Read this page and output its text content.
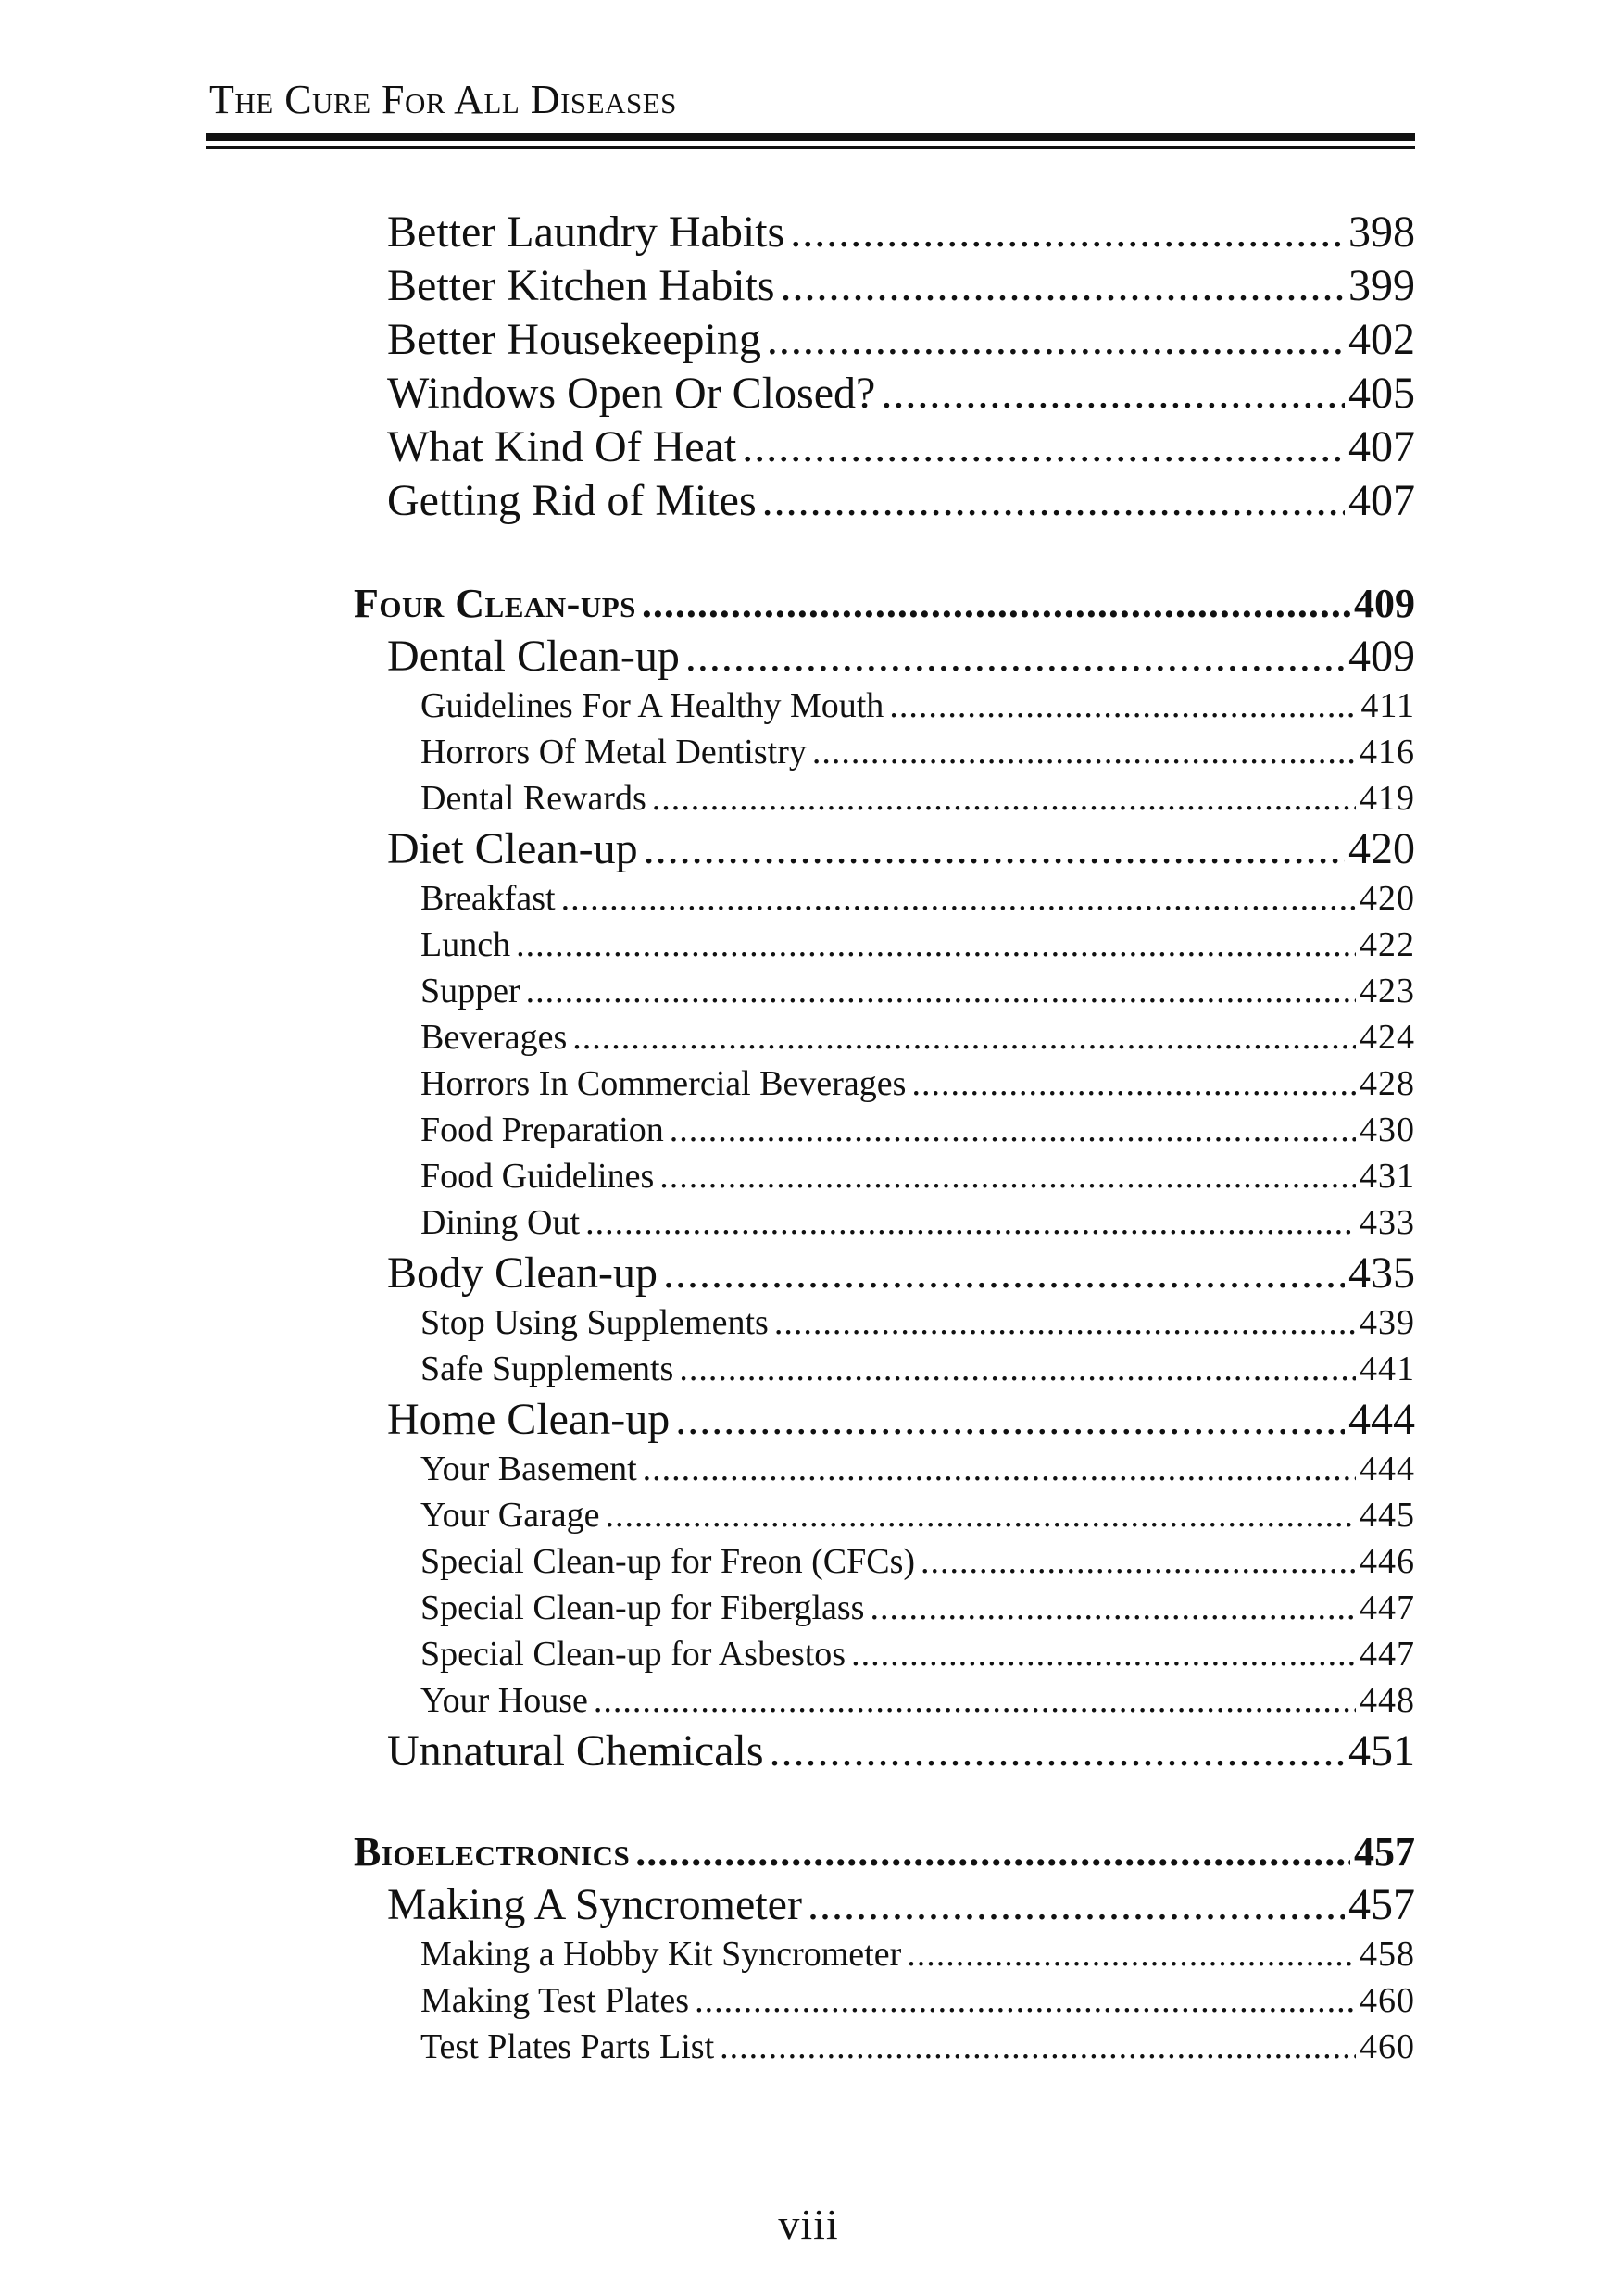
The Cure For All Diseases
Better Laundry Habits .....	398
Better Kitchen Habits .....	399
Better Housekeeping .....	402
Windows Open Or Closed? .....	405
What Kind Of Heat .....	407
Getting Rid of Mites .....	407
Four Clean-ups .....	409
Dental Clean-up .....	409
Guidelines For A Healthy Mouth .....	411
Horrors Of Metal Dentistry .....	416
Dental Rewards .....	419
Diet Clean-up .....	420
Breakfast .....	420
Lunch .....	422
Supper .....	423
Beverages .....	424
Horrors In Commercial Beverages .....	428
Food Preparation .....	430
Food Guidelines .....	431
Dining Out .....	433
Body Clean-up .....	435
Stop Using Supplements .....	439
Safe Supplements .....	441
Home Clean-up .....	444
Your Basement .....	444
Your Garage .....	445
Special Clean-up for Freon (CFCs) .....	446
Special Clean-up for Fiberglass .....	447
Special Clean-up for Asbestos .....	447
Your House .....	448
Unnatural Chemicals .....	451
Bioelectronics .....	457
Making A Syncrometer .....	457
Making a Hobby Kit Syncrometer .....	458
Making Test Plates .....	460
Test Plates Parts List .....	460
viii
